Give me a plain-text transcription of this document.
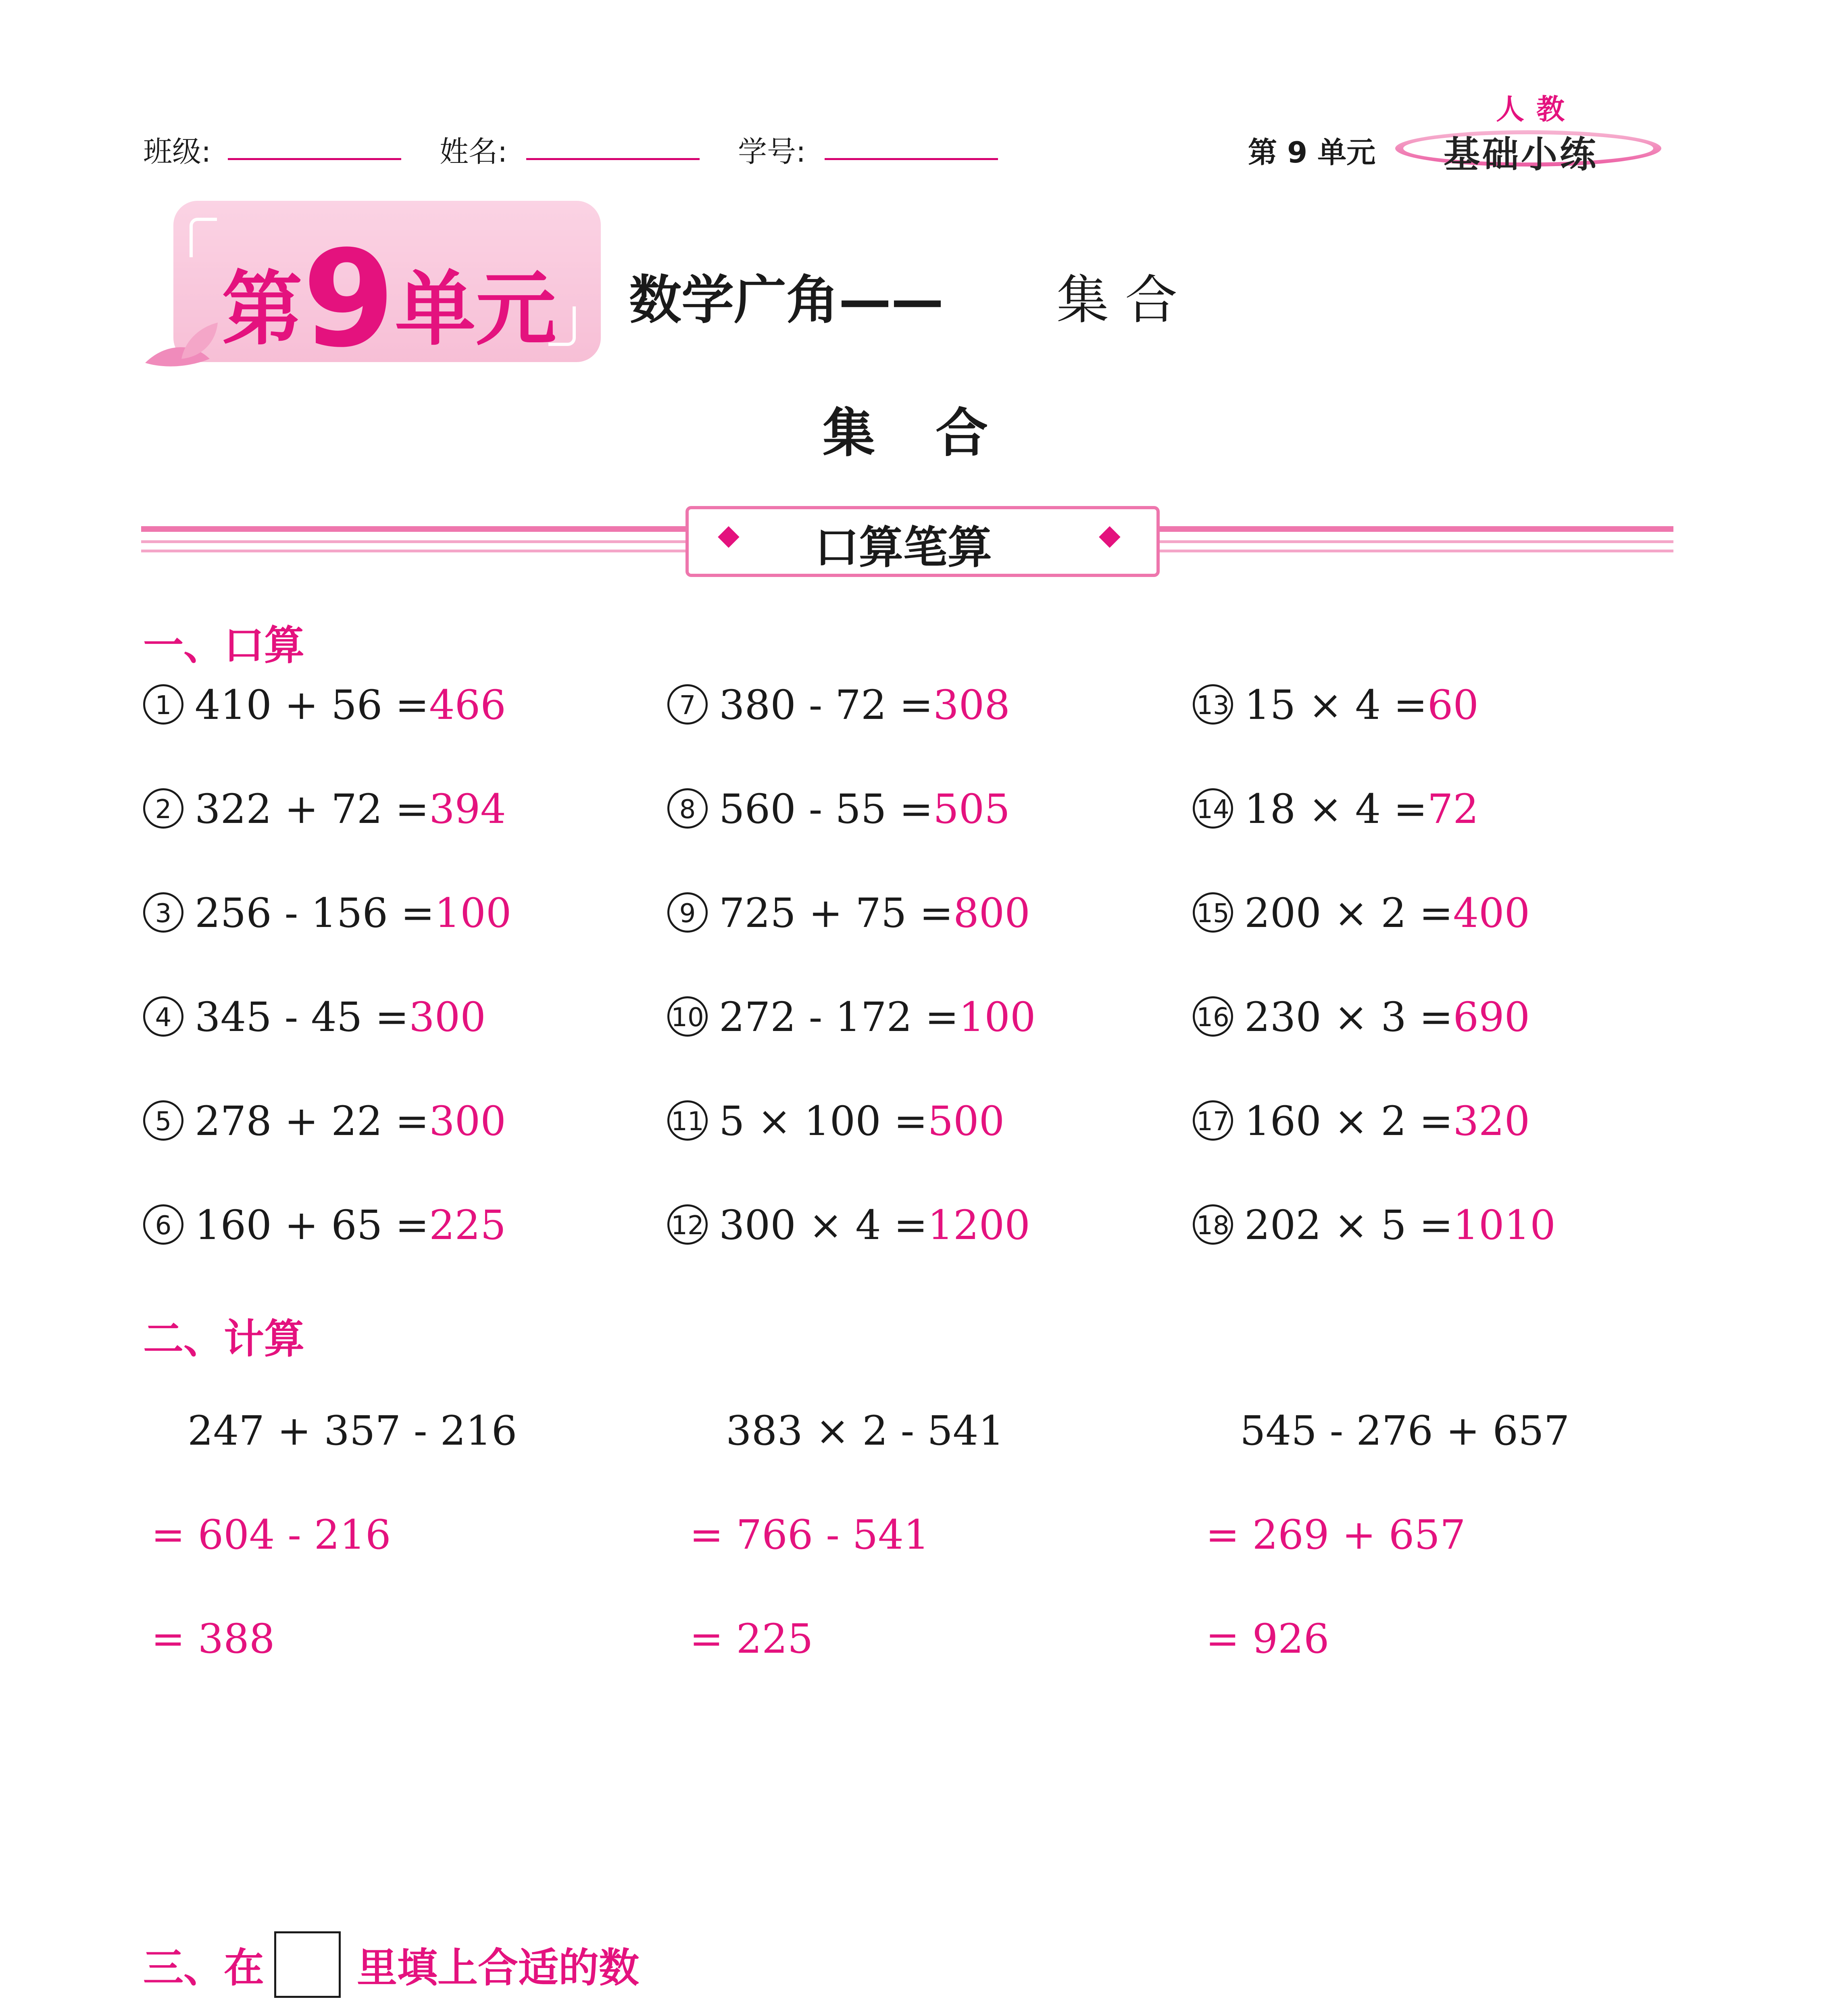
班级:	姓名:	学号:	第 9 单元
人教
基础小练
第9单元 数学广角—— 集合
集合
◆	◆
口算笔算
一、口算
1 410 + 56 =466
2 322 + 72 =394
3 256 - 156 =100
4 345 - 45 =300
5 278 + 22 =300
6 160 + 65 =225
7 380 - 72 =308
8 560 - 55 =505
9 725 + 75 =800
10 272 - 172 =100
11 5 × 100 =500
12 300 × 4 =1200
13 15 × 4 =60
14 18 × 4 =72
15 200 × 2 =400
16 230 × 3 =690
17 160 × 2 =320
18 202 × 5 =1010
二、计算
247 + 357 - 216
= 604 - 216
= 388
383 × 2 - 541
= 766 - 541
= 225
545 - 276 + 657
= 269 + 657
= 926
三、在 里填上合适的数
